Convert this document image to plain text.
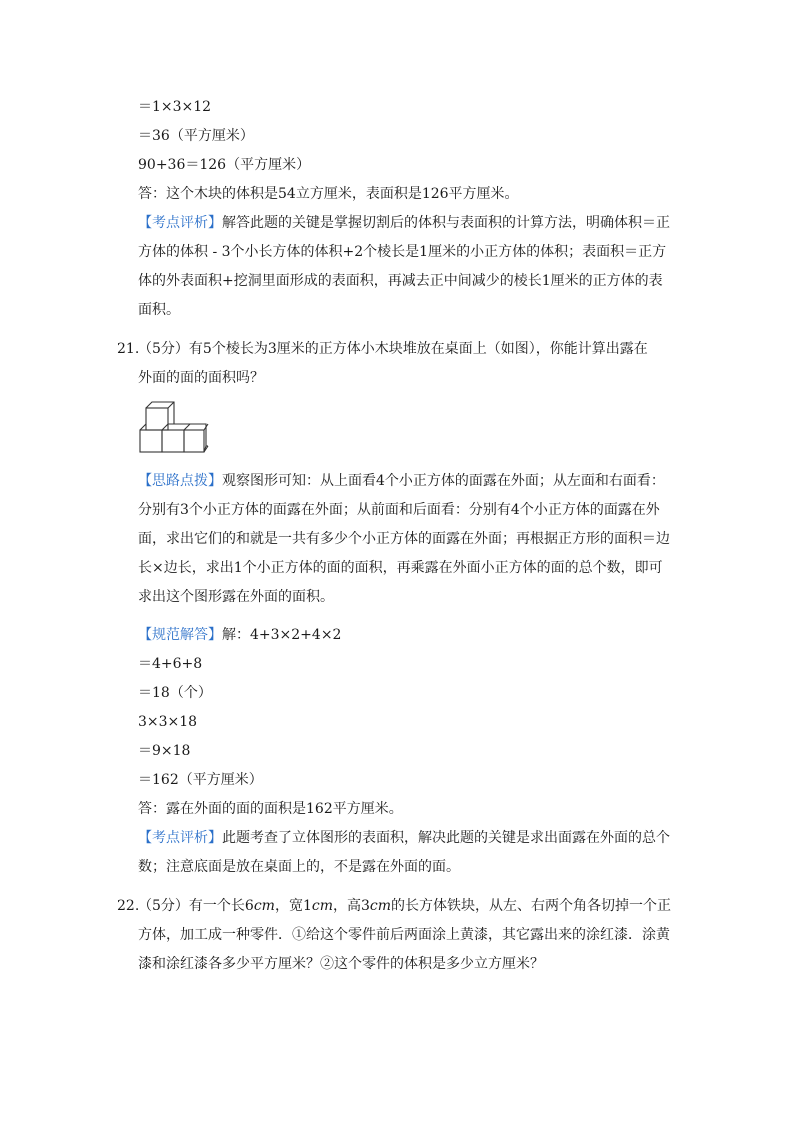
＝1×3×12
＝36（平方厘米）
90+36＝126（平方厘米）
答：这个木块的体积是54立方厘米，表面积是126平方厘米。
【考点评析】解答此题的关键是掌握切割后的体积与表面积的计算方法，明确体积＝正
方体的体积 - 3个小长方体的体积+2个棱长是1厘米的小正方体的体积；表面积＝正方
体的外表面积+挖洞里面形成的表面积，再减去正中间减少的棱长1厘米的正方体的表
面积。
21.
（5分）有5个棱长为3厘米的正方体小木块堆放在桌面上（如图），你能计算出露在
外面的面的面积吗？
【思路点拨】观察图形可知：从上面看4个小正方体的面露在外面；从左面和右面看：
分别有3个小正方体的面露在外面；从前面和后面看：分别有4个小正方体的面露在外
面，求出它们的和就是一共有多少个小正方体的面露在外面；再根据正方形的面积＝边
长×边长，求出1个小正方体的面的面积，再乘露在外面小正方体的面的总个数，即可
求出这个图形露在外面的面积。
【规范解答】解：4+3×2+4×2
＝4+6+8
＝18（个）
3×3×18
＝9×18
＝162（平方厘米）
答：露在外面的面的面积是162平方厘米。
【考点评析】此题考查了立体图形的表面积，解决此题的关键是求出面露在外面的总个
数；注意底面是放在桌面上的，不是露在外面的面。
22.
（5分）有一个长6cm，宽1cm，高3cm的长方体铁块，从左、右两个角各切掉一个正
方体，加工成一种零件．①给这个零件前后两面涂上黄漆，其它露出来的涂红漆．涂黄
漆和涂红漆各多少平方厘米？②这个零件的体积是多少立方厘米？
